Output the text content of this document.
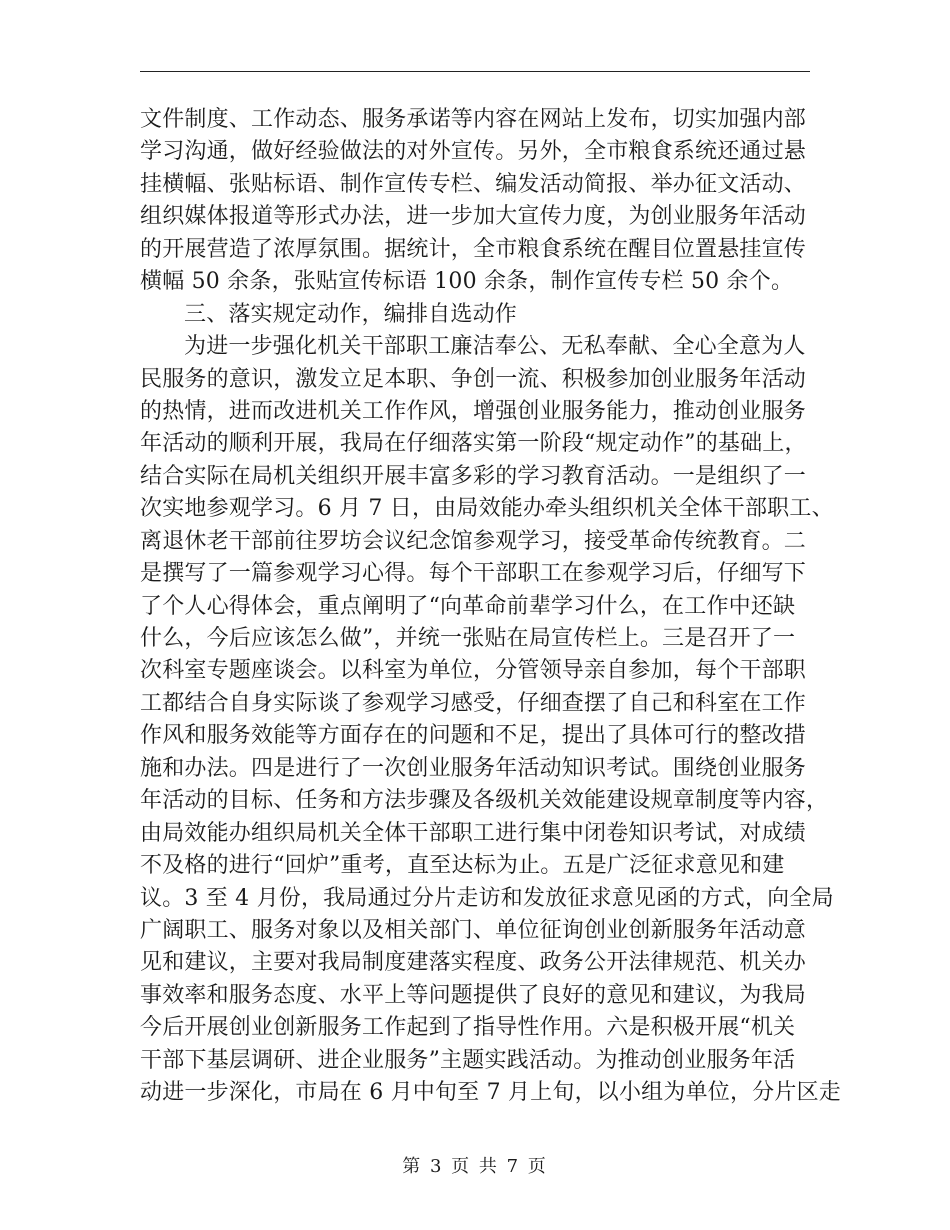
文件制度、工作动态、服务承诺等内容在网站上发布，切实加强内部
学习沟通，做好经验做法的对外宣传。另外，全市粮食系统还通过悬
挂横幅、张贴标语、制作宣传专栏、编发活动简报、举办征文活动、
组织媒体报道等形式办法，进一步加大宣传力度，为创业服务年活动
的开展营造了浓厚氛围。据统计，全市粮食系统在醒目位置悬挂宣传
横幅 50 余条，张贴宣传标语 100 余条，制作宣传专栏 50 余个。
三、落实规定动作，编排自选动作
为进一步强化机关干部职工廉洁奉公、无私奉献、全心全意为人
民服务的意识，激发立足本职、争创一流、积极参加创业服务年活动
的热情，进而改进机关工作作风，增强创业服务能力，推动创业服务
年活动的顺利开展，我局在仔细落实第一阶段“规定动作”的基础上，
结合实际在局机关组织开展丰富多彩的学习教育活动。一是组织了一
次实地参观学习。6 月 7 日，由局效能办牵头组织机关全体干部职工、
离退休老干部前往罗坊会议纪念馆参观学习，接受革命传统教育。二
是撰写了一篇参观学习心得。每个干部职工在参观学习后，仔细写下
了个人心得体会，重点阐明了“向革命前辈学习什么，在工作中还缺
什么，今后应该怎么做”，并统一张贴在局宣传栏上。三是召开了一
次科室专题座谈会。以科室为单位，分管领导亲自参加，每个干部职
工都结合自身实际谈了参观学习感受，仔细查摆了自己和科室在工作
作风和服务效能等方面存在的问题和不足，提出了具体可行的整改措
施和办法。四是进行了一次创业服务年活动知识考试。围绕创业服务
年活动的目标、任务和方法步骤及各级机关效能建设规章制度等内容，
由局效能办组织局机关全体干部职工进行集中闭卷知识考试，对成绩
不及格的进行“回炉”重考，直至达标为止。五是广泛征求意见和建
议。3 至 4 月份，我局通过分片走访和发放征求意见函的方式，向全局
广阔职工、服务对象以及相关部门、单位征询创业创新服务年活动意
见和建议，主要对我局制度建落实程度、政务公开法律规范、机关办
事效率和服务态度、水平上等问题提供了良好的意见和建议，为我局
今后开展创业创新服务工作起到了指导性作用。六是积极开展“机关
干部下基层调研、进企业服务”主题实践活动。为推动创业服务年活
动进一步深化，市局在 6 月中旬至 7 月上旬，以小组为单位，分片区走
第 3 页 共 7 页
